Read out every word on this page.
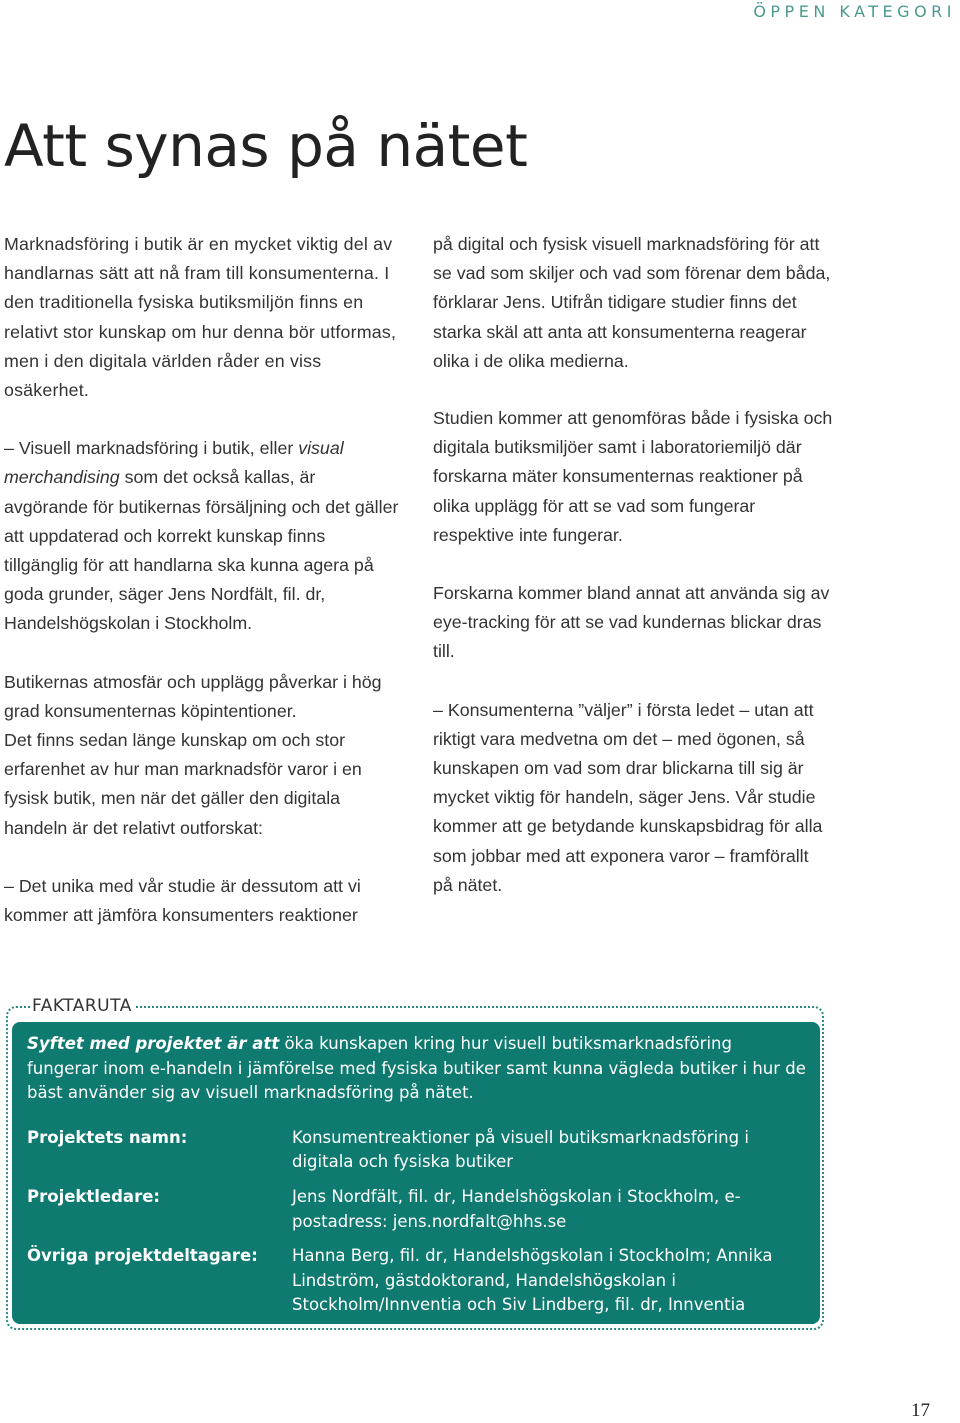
ÖPPEN KATEGORI
Att synas på nätet

Marknadsföring i butik är en mycket viktig del av handlarnas sätt att nå fram till konsumenterna. I den traditionella fysiska butiksmiljön finns en relativt stor kunskap om hur denna bör utformas, men i den digitala världen råder en viss osäkerhet.

– Visuell marknadsföring i butik, eller visual merchandising som det också kallas, är avgörande för butikernas försäljning och det gäller att uppdaterad och korrekt kunskap finns tillgänglig för att handlarna ska kunna agera på goda grunder, säger Jens Nordfält, fil. dr, Handelshögskolan i Stockholm.

Butikernas atmosfär och upplägg påverkar i hög grad konsumenternas köpintentioner.

Det finns sedan länge kunskap om och stor erfarenhet av hur man marknadsför varor i en fysisk butik, men när det gäller den digitala handeln är det relativt outforskat:

– Det unika med vår studie är dessutom att vi kommer att jämföra konsumenters reaktioner

på digital och fysisk visuell marknadsföring för att se vad som skiljer och vad som förenar dem båda, förklarar Jens. Utifrån tidigare studier finns det starka skäl att anta att konsumenterna reagerar olika i de olika medierna.

Studien kommer att genomföras både i fysiska och digitala butiksmiljöer samt i laboratoriemiljö där forskarna mäter konsumenternas reaktioner på olika upplägg för att se vad som fungerar respektive inte fungerar.

Forskarna kommer bland annat att använda sig av eye-tracking för att se vad kundernas blickar dras till.

– Konsumenterna ”väljer” i första ledet – utan att riktigt vara medvetna om det – med ögonen, så kunskapen om vad som drar blickarna till sig är mycket viktig för handeln, säger Jens. Vår studie kommer att ge betydande kunskapsbidrag för alla som jobbar med att exponera varor – framförallt på nätet.

FAKTARUTA

Syftet med projektet är att öka kunskapen kring hur visuell butiksmarknadsföring fungerar inom e-handeln i jämförelse med fysiska butiker samt kunna vägleda butiker i hur de bäst använder sig av visuell marknadsföring på nätet.

Projektets namn:	Konsumentreaktioner på visuell butiksmarknadsföring i digitala och fysiska butiker
Projektledare:	Jens Nordfält, fil. dr, Handelshögskolan i Stockholm, e-postadress: jens.nordfalt@hhs.se
Övriga projektdeltagare:	Hanna Berg, fil. dr, Handelshögskolan i Stockholm; Annika Lindström, gästdoktorand, Handelshögskolan i Stockholm/Innventia och Siv Lindberg, fil. dr, Innventia
17
